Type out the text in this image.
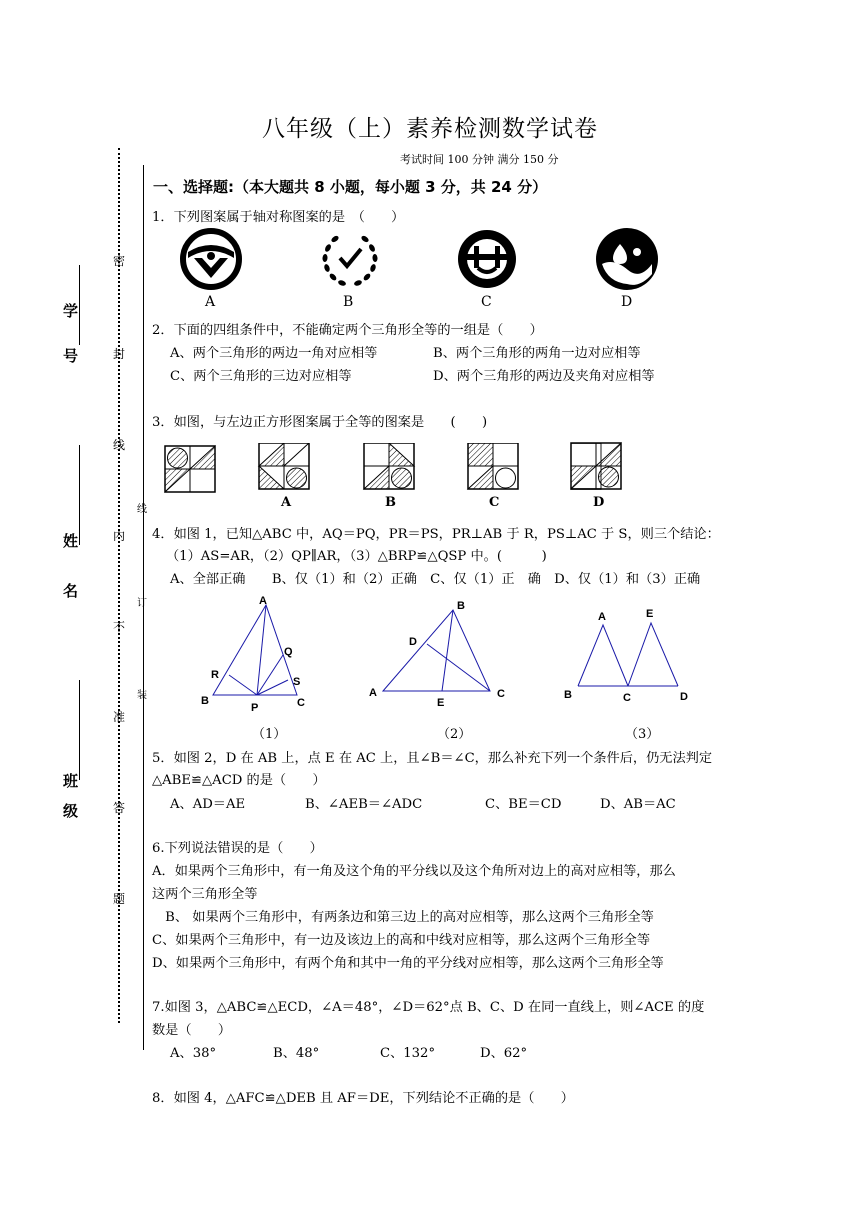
八年级（上）素养检测数学试卷
考试时间 100 分钟 满分 150 分
学
号
姓
名
班
级
密
封
线
内
不
准
答
题
线
订
装
一、选择题:（本大题共 8 小题，每小题 3 分，共 24 分）
1．下列图案属于轴对称图案的是　（　　）
A	B	C	D
2．下面的四组条件中，不能确定两个三角形全等的一组是（　　）
A、两个三角形的两边一角对应相等	B、两个三角形的两角一边对应相等
C、两个三角形的三边对应相等	D、两个三角形的两边及夹角对应相等
3．如图，与左边正方形图案属于全等的图案是　　(　　)
A	B	C	D
4．如图 1，已知△ABC 中，AQ＝PQ，PR＝PS，PR⊥AB 于 R，PS⊥AC 于 S，则三个结论：
（1）AS=AR，（2）QP∥AR，（3）△BRP≌△QSP 中。(　　　)
A、全部正确　　B、仅（1）和（2）正确　C、仅（1）正　确　D、仅（1）和（3）正确
A
Q
R
S
B
P	C
B
D
A
E
C
A	E
B	C	D
（1）	（2）	（3）
5．如图 2，D 在 AB 上，点 E 在 AC 上，且∠B＝∠C，那么补充下列一个条件后，仍无法判定
△ABE≌△ACD 的是（　　）
A、AD＝AE	B、∠AEB＝∠ADC	C、BE＝CD	D、AB＝AC
6.下列说法错误的是（　　）
A．如果两个三角形中，有一角及这个角的平分线以及这个角所对边上的高对应相等，那么
这两个三角形全等
　B、 如果两个三角形中，有两条边和第三边上的高对应相等，那么这两个三角形全等
C、如果两个三角形中，有一边及该边上的高和中线对应相等，那么这两个三角形全等
D、如果两个三角形中，有两个角和其中一角的平分线对应相等，那么这两个三角形全等
7.如图 3，△ABC≌△ECD，∠A＝48°，∠D＝62°点 B、C、D 在同一直线上，则∠ACE 的度
数是（　　）
A、38°	B、48°	C、132°	D、62°
8．如图 4，△AFC≌△DEB 且 AF＝DE，下列结论不正确的是（　　）
